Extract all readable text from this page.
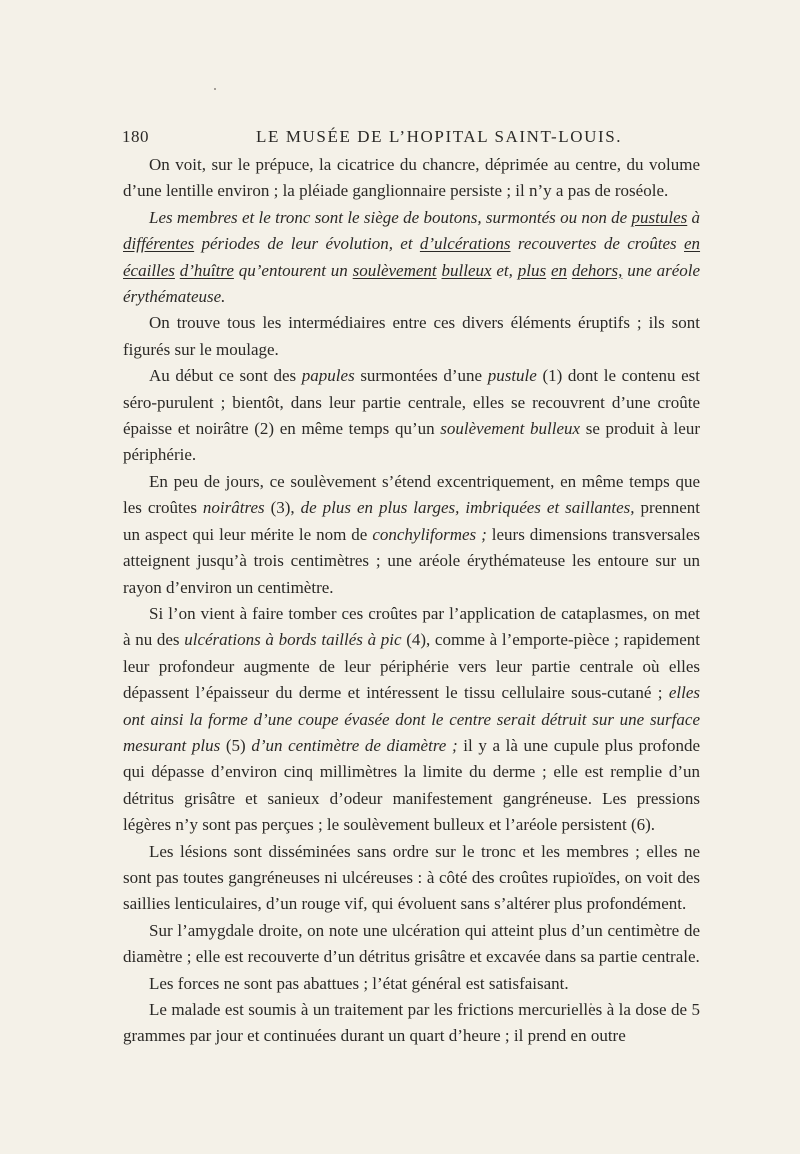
180	LE MUSÉE DE L’HOPITAL SAINT-LOUIS.

On voit, sur le prépuce, la cicatrice du chancre, déprimée au centre, du volume d’une lentille environ ; la pléiade ganglionnaire persiste ; il n’y a pas de roséole.

Les membres et le tronc sont le siège de boutons, surmontés ou non de pustules à différentes périodes de leur évolution, et d’ulcérations recouvertes de croûtes en écailles d’huître qu’entourent un soulèvement bulleux et, plus en dehors, une aréole érythémateuse.

On trouve tous les intermédiaires entre ces divers éléments éruptifs ; ils sont figurés sur le moulage.

Au début ce sont des papules surmontées d’une pustule (1) dont le contenu est séro-purulent ; bientôt, dans leur partie centrale, elles se recouvrent d’une croûte épaisse et noirâtre (2) en même temps qu’un soulèvement bulleux se produit à leur périphérie.

En peu de jours, ce soulèvement s’étend excentriquement, en même temps que les croûtes noirâtres (3), de plus en plus larges, imbriquées et saillantes, prennent un aspect qui leur mérite le nom de conchyliformes ; leurs dimensions transversales atteignent jusqu’à trois centimètres ; une aréole érythémateuse les entoure sur un rayon d’environ un centimètre.

Si l’on vient à faire tomber ces croûtes par l’application de cataplasmes, on met à nu des ulcérations à bords taillés à pic (4), comme à l’emporte-pièce ; rapidement leur profondeur augmente de leur périphérie vers leur partie centrale où elles dépassent l’épaisseur du derme et intéressent le tissu cellulaire sous-cutané ; elles ont ainsi la forme d’une coupe évasée dont le centre serait détruit sur une surface mesurant plus (5) d’un centimètre de diamètre ; il y a là une cupule plus profonde qui dépasse d’environ cinq millimètres la limite du derme ; elle est remplie d’un détritus grisâtre et sanieux d’odeur manifestement gangréneuse. Les pressions légères n’y sont pas perçues ; le soulèvement bulleux et l’aréole persistent (6).

Les lésions sont disséminées sans ordre sur le tronc et les membres ; elles ne sont pas toutes gangréneuses ni ulcéreuses : à côté des croûtes rupioïdes, on voit des saillies lenticulaires, d’un rouge vif, qui évoluent sans s’altérer plus profondément.

Sur l’amygdale droite, on note une ulcération qui atteint plus d’un centimètre de diamètre ; elle est recouverte d’un détritus grisâtre et excavée dans sa partie centrale.

Les forces ne sont pas abattues ; l’état général est satisfaisant.

Le malade est soumis à un traitement par les frictions mercurielles à la dose de 5 grammes par jour et continuées durant un quart d’heure ; il prend en outre
